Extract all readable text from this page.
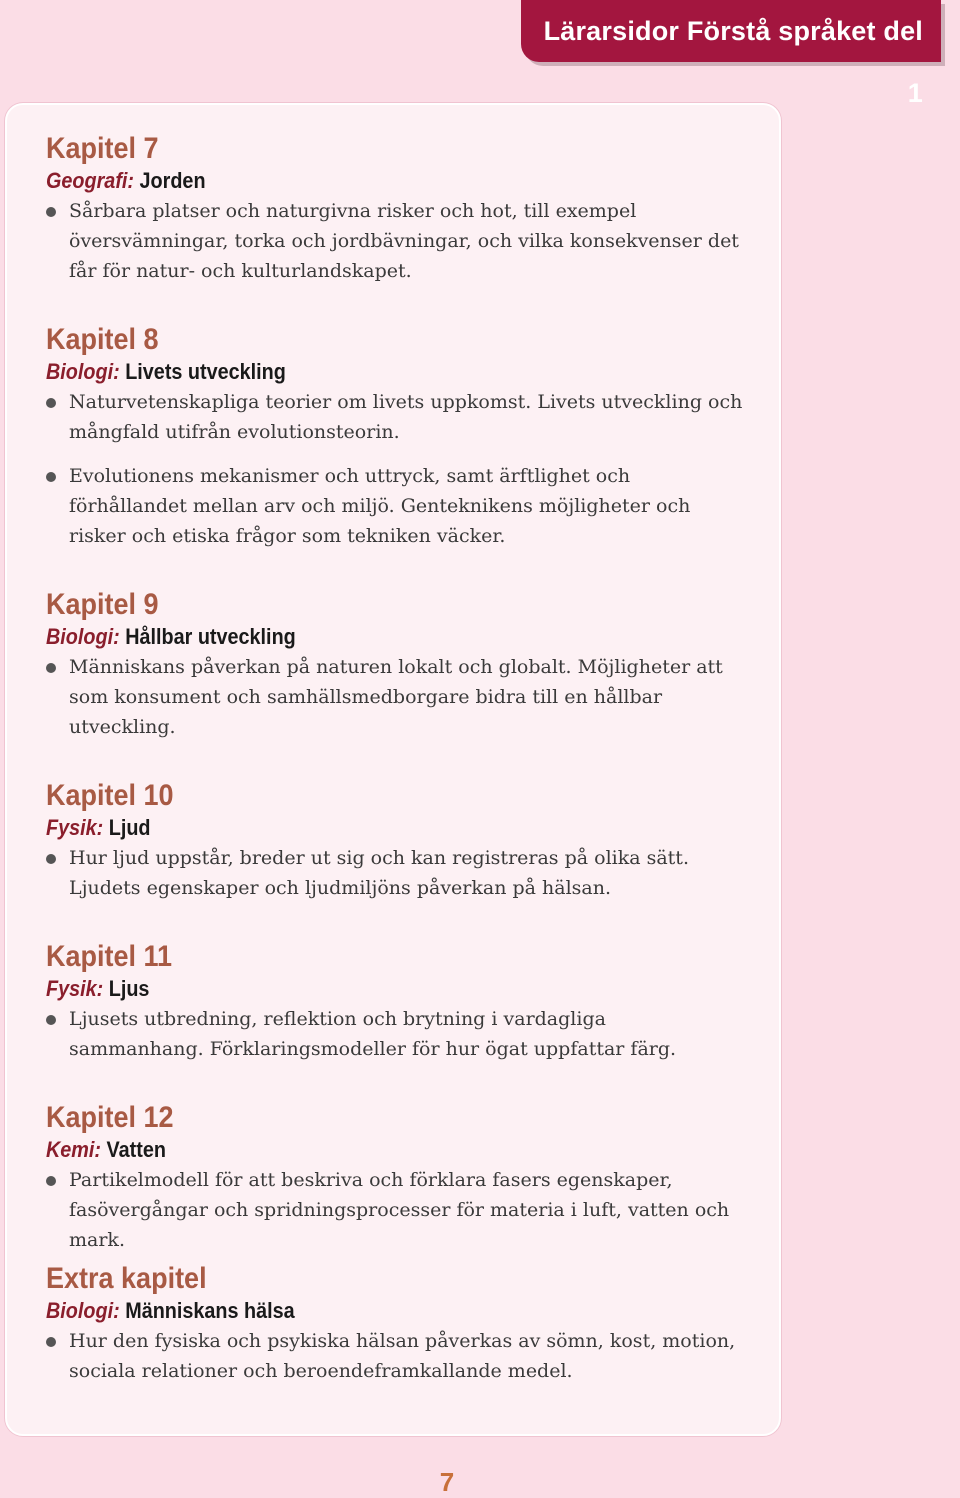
Lärarsidor Förstå språket del 1
Kapitel 7

Geografi: Jorden

Sårbara platser och naturgivna risker och hot, till exempel översvämningar, torka och jordbävningar, och vilka konsekvenser det får för natur- och kulturlandskapet.
Kapitel 8

Biologi: Livets utveckling

Naturvetenskapliga teorier om livets uppkomst. Livets utveckling och mångfald utifrån evolutionsteorin.
Evolutionens mekanismer och uttryck, samt ärftlighet och förhållandet mellan arv och miljö. Genteknikens möjligheter och risker och etiska frågor som tekniken väcker.
Kapitel 9

Biologi: Hållbar utveckling

Människans påverkan på naturen lokalt och globalt. Möjligheter att som konsument och samhällsmedborgare bidra till en hållbar utveckling.
Kapitel 10

Fysik: Ljud

Hur ljud uppstår, breder ut sig och kan registreras på olika sätt. Ljudets egenskaper och ljudmiljöns påverkan på hälsan.
Kapitel 11

Fysik: Ljus

Ljusets utbredning, reflektion och brytning i vardagliga sammanhang. Förklaringsmodeller för hur ögat uppfattar färg.
Kapitel 12

Kemi: Vatten

Partikelmodell för att beskriva och förklara fasers egenskaper, fasövergångar och spridningsprocesser för materia i luft, vatten och mark.
Extra kapitel

Biologi: Människans hälsa

Hur den fysiska och psykiska hälsan påverkas av sömn, kost, motion, sociala relationer och beroendeframkallande medel.
7
